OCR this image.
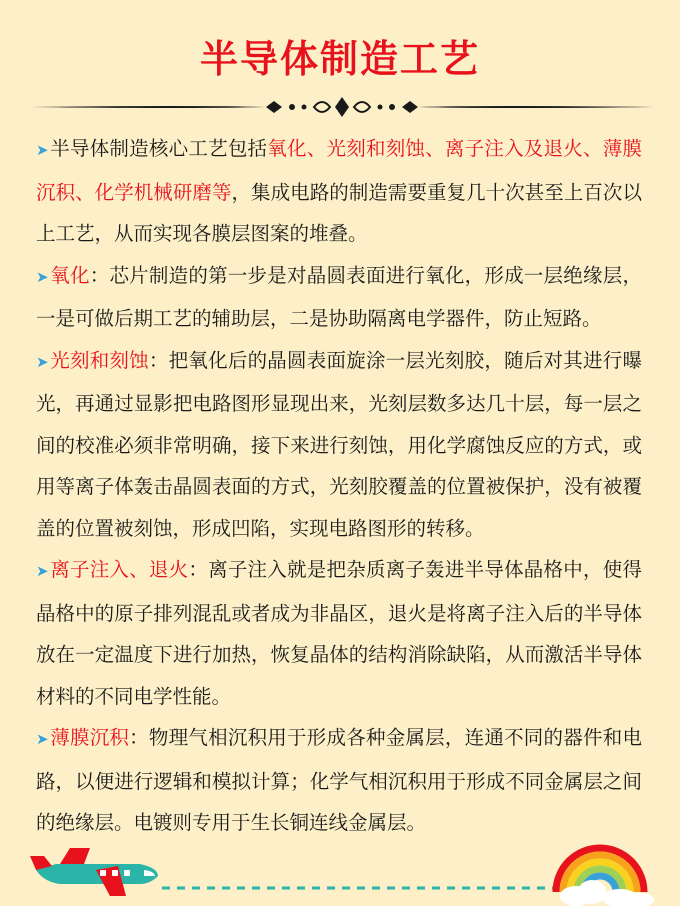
半导体制造工艺

➤半导体制造核心工艺包括氧化、光刻和刻蚀、离子注入及退火、薄膜沉积、化学机械研磨等，集成电路的制造需要重复几十次甚至上百次以上工艺，从而实现各膜层图案的堆叠。

➤氧化：芯片制造的第一步是对晶圆表面进行氧化，形成一层绝缘层，一是可做后期工艺的辅助层，二是协助隔离电学器件，防止短路。

➤光刻和刻蚀：把氧化后的晶圆表面旋涂一层光刻胶，随后对其进行曝光，再通过显影把电路图形显现出来，光刻层数多达几十层，每一层之间的校准必须非常明确，接下来进行刻蚀，用化学腐蚀反应的方式，或用等离子体轰击晶圆表面的方式，光刻胶覆盖的位置被保护，没有被覆盖的位置被刻蚀，形成凹陷，实现电路图形的转移。

➤离子注入、退火：离子注入就是把杂质离子轰进半导体晶格中，使得晶格中的原子排列混乱或者成为非晶区，退火是将离子注入后的半导体放在一定温度下进行加热，恢复晶体的结构消除缺陷，从而激活半导体材料的不同电学性能。

➤薄膜沉积：物理气相沉积用于形成各种金属层，连通不同的器件和电路，以便进行逻辑和模拟计算；化学气相沉积用于形成不同金属层之间的绝缘层。电镀则专用于生长铜连线金属层。
